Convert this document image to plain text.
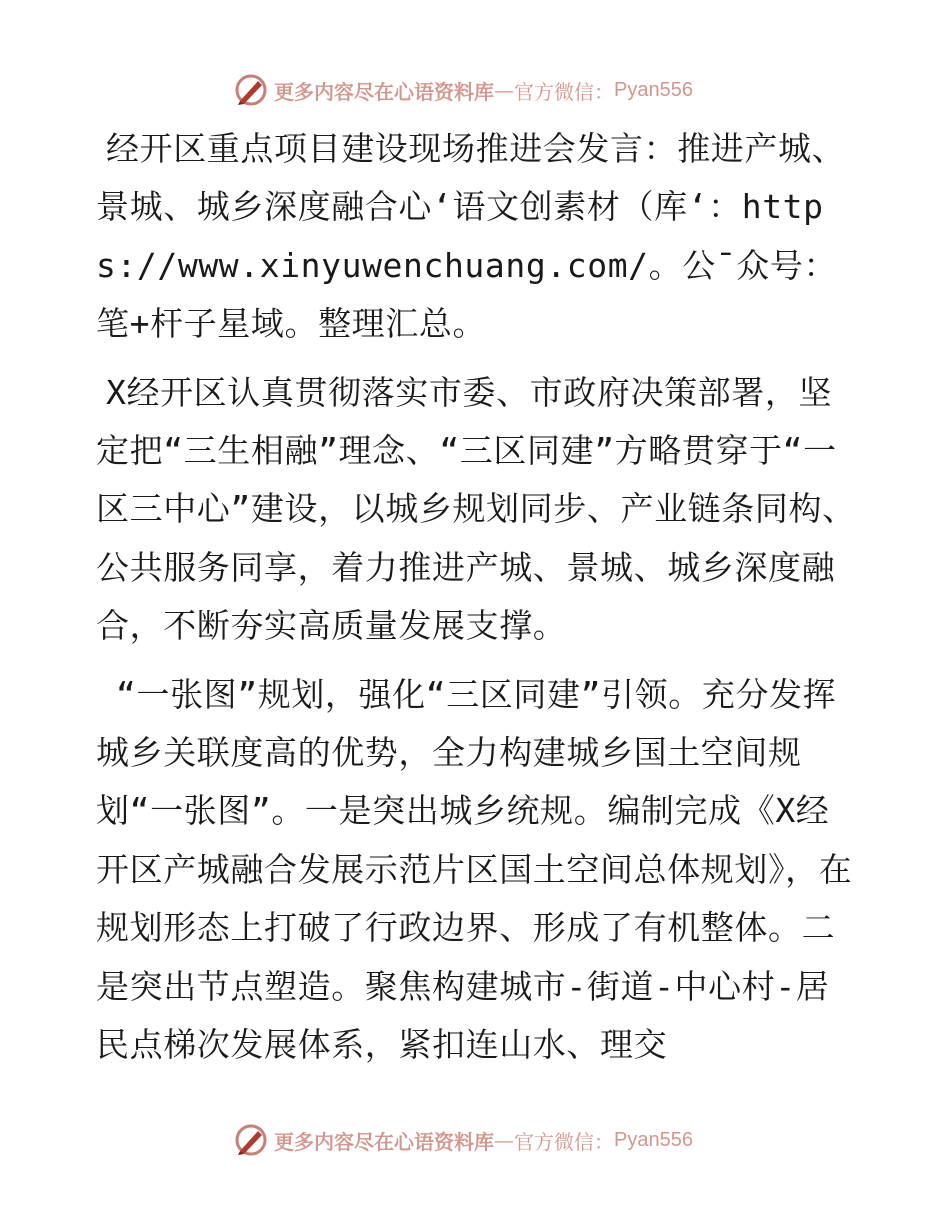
更多内容尽在心语资料库 — 官方微信： Pyan556

经开区重点项目建设现场推进会发言：推进产城、景城、城乡深度融合心‘语文创素材（库‘：https://www.xinyuwenchuang.com/。公¯众号：笔+杆子星域。整理汇总。

X经开区认真贯彻落实市委、市政府决策部署，坚定把“三生相融”理念、“三区同建”方略贯穿于“一区三中心”建设，以城乡规划同步、产业链条同构、公共服务同享，着力推进产城、景城、城乡深度融合，不断夯实高质量发展支撑。

“一张图”规划，强化“三区同建”引领。充分发挥城乡关联度高的优势，全力构建城乡国土空间规划“一张图”。一是突出城乡统规。编制完成《X经开区产城融合发展示范片区国土空间总体规划》，在规划形态上打破了行政边界、形成了有机整体。二是突出节点塑造。聚焦构建城市-街道-中心村-居民点梯次发展体系，紧扣连山水、理交

更多内容尽在心语资料库 — 官方微信： Pyan556
